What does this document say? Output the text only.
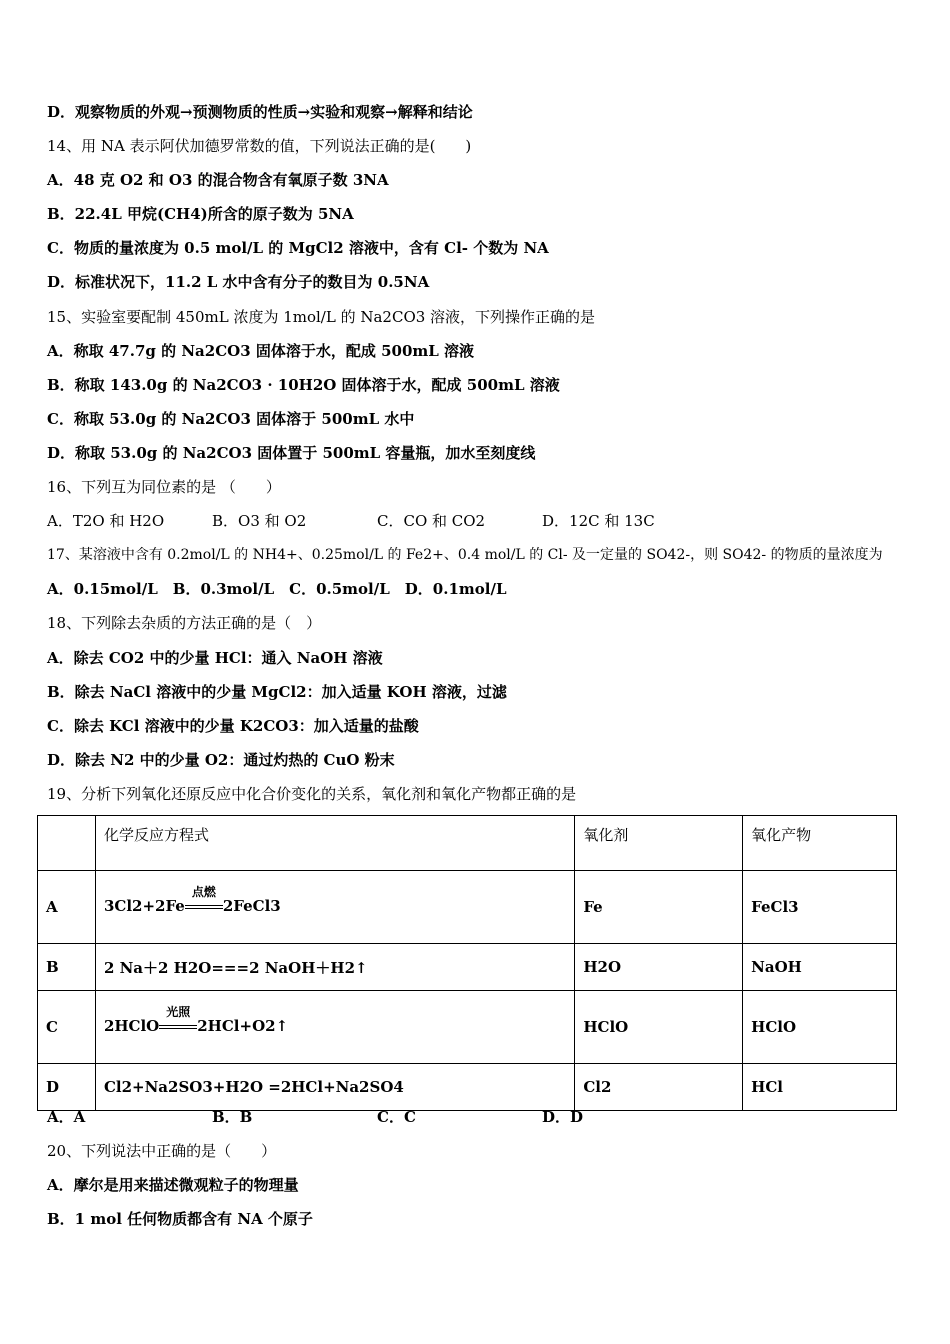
D．观察物质的外观→预测物质的性质→实验和观察→解释和结论
14、用 NA 表示阿伏加德罗常数的值，下列说法正确的是(　　)
A．48 克 O2 和 O3 的混合物含有氧原子数 3NA
B．22.4L 甲烷(CH4)所含的原子数为 5NA
C．物质的量浓度为 0.5 mol/L 的 MgCl2 溶液中，含有 Cl- 个数为 NA
D．标准状况下，11.2 L 水中含有分子的数目为 0.5NA
15、实验室要配制 450mL 浓度为 1mol/L 的 Na2CO3 溶液，下列操作正确的是
A．称取 47.7g 的 Na2CO3 固体溶于水，配成 500mL 溶液
B．称取 143.0g 的 Na2CO3 · 10H2O 固体溶于水，配成 500mL 溶液
C．称取 53.0g 的 Na2CO3 固体溶于 500mL 水中
D．称取 53.0g 的 Na2CO3 固体置于 500mL 容量瓶，加水至刻度线
16、下列互为同位素的是 （　　）
A．T2O 和 H2O	B．O3 和 O2	C．CO 和 CO2	D．12C 和 13C
17、某溶液中含有 0.2mol/L 的 NH4+、0.25mol/L 的 Fe2+、0.4 mol/L 的 Cl- 及一定量的 SO42-，则 SO42- 的物质的量浓度为
A．0.15mol/L　B．0.3mol/L　C．0.5mol/L　D．0.1mol/L
18、下列除去杂质的方法正确的是（　）
A．除去 CO2 中的少量 HCl：通入 NaOH 溶液
B．除去 NaCl 溶液中的少量 MgCl2：加入适量 KOH 溶液，过滤
C．除去 KCl 溶液中的少量 K2CO3：加入适量的盐酸
D．除去 N2 中的少量 O2：通过灼热的 CuO 粉末
19、分析下列氧化还原反应中化合价变化的关系，氧化剂和氧化产物都正确的是
	化学反应方程式	氧化剂	氧化产物
A	3Cl2+2Fe
点燃
2FeCl3	Fe	FeCl3
B	2 Na＋2 H2O===2 NaOH＋H2↑	H2O	NaOH
C	2HClO
光照
2HCl+O2↑	HClO	HClO
D	Cl2+Na2SO3+H2O =2HCl+Na2SO4	Cl2	HCl
A．A	B．B	C．C	D．D
20、下列说法中正确的是（　　）
A．摩尔是用来描述微观粒子的物理量
B．1 mol 任何物质都含有 NA 个原子
